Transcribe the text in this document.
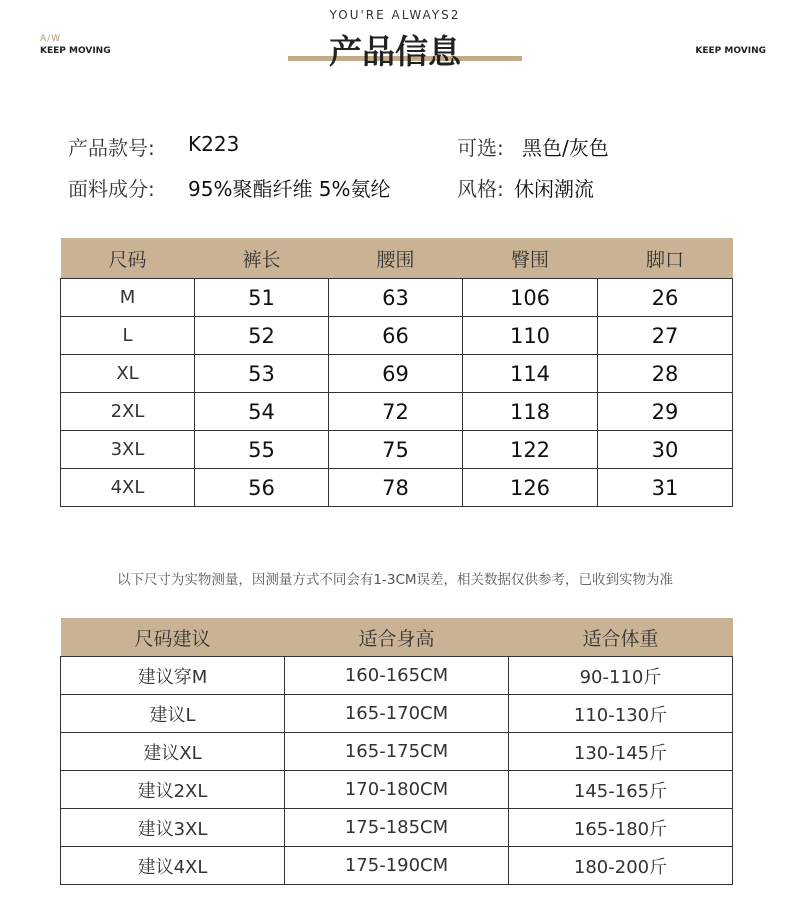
YOU'RE ALWAYS2
A/W
KEEP MOVING	KEEP MOVING
产品信息
产品款号: K223
面料成分: 95%聚酯纤维 5%氨纶
可选: 黑色/灰色
风格: 休闲潮流
尺码	裤长	腰围	臀围	脚口
M	51	63	106	26
L	52	66	110	27
XL	53	69	114	28
2XL	54	72	118	29
3XL	55	75	122	30
4XL	56	78	126	31
以下尺寸为实物测量，因测量方式不同会有1-3CM误差，相关数据仅供参考，已收到实物为准
尺码建议	适合身高	适合体重
建议穿M	160-165CM	90-110斤
建议L	165-170CM	110-130斤
建议XL	165-175CM	130-145斤
建议2XL	170-180CM	145-165斤
建议3XL	175-185CM	165-180斤
建议4XL	175-190CM	180-200斤
